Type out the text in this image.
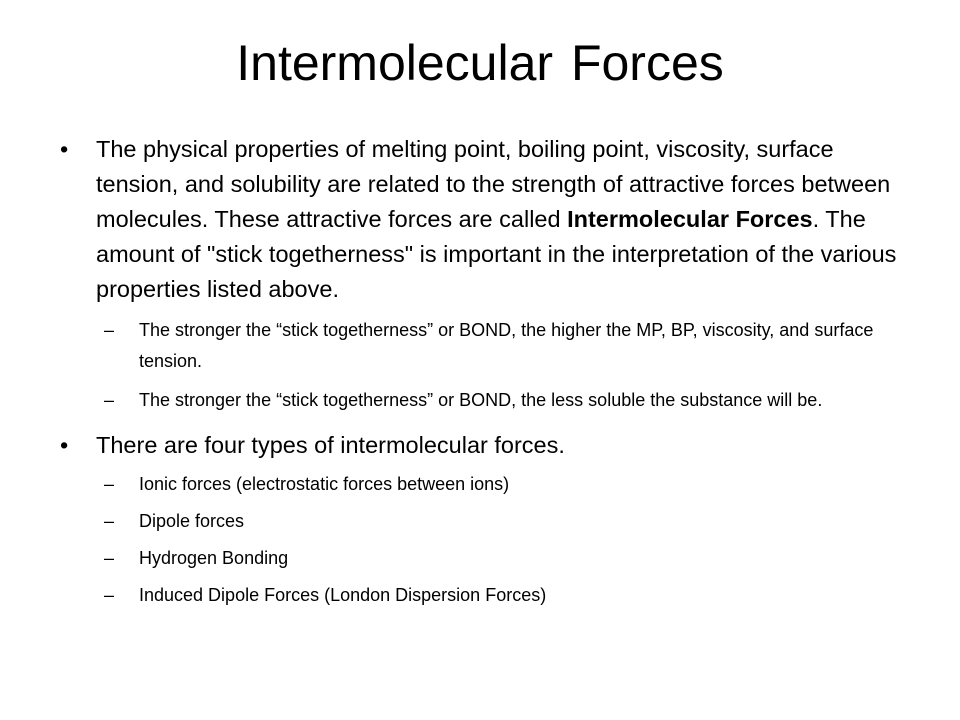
Intermolecular Forces
• The physical properties of melting point, boiling point, viscosity, surface tension, and solubility are related to the strength of attractive forces between molecules. These attractive forces are called Intermolecular Forces. The amount of "stick togetherness" is important in the interpretation of the various properties listed above.
– The stronger the “stick togetherness” or BOND, the higher the MP, BP, viscosity, and surface tension.
– The stronger the “stick togetherness” or BOND, the less soluble the substance will be.
• There are four types of intermolecular forces.
– Ionic forces (electrostatic forces between ions)
– Dipole forces
– Hydrogen Bonding
– Induced Dipole Forces (London Dispersion Forces)
